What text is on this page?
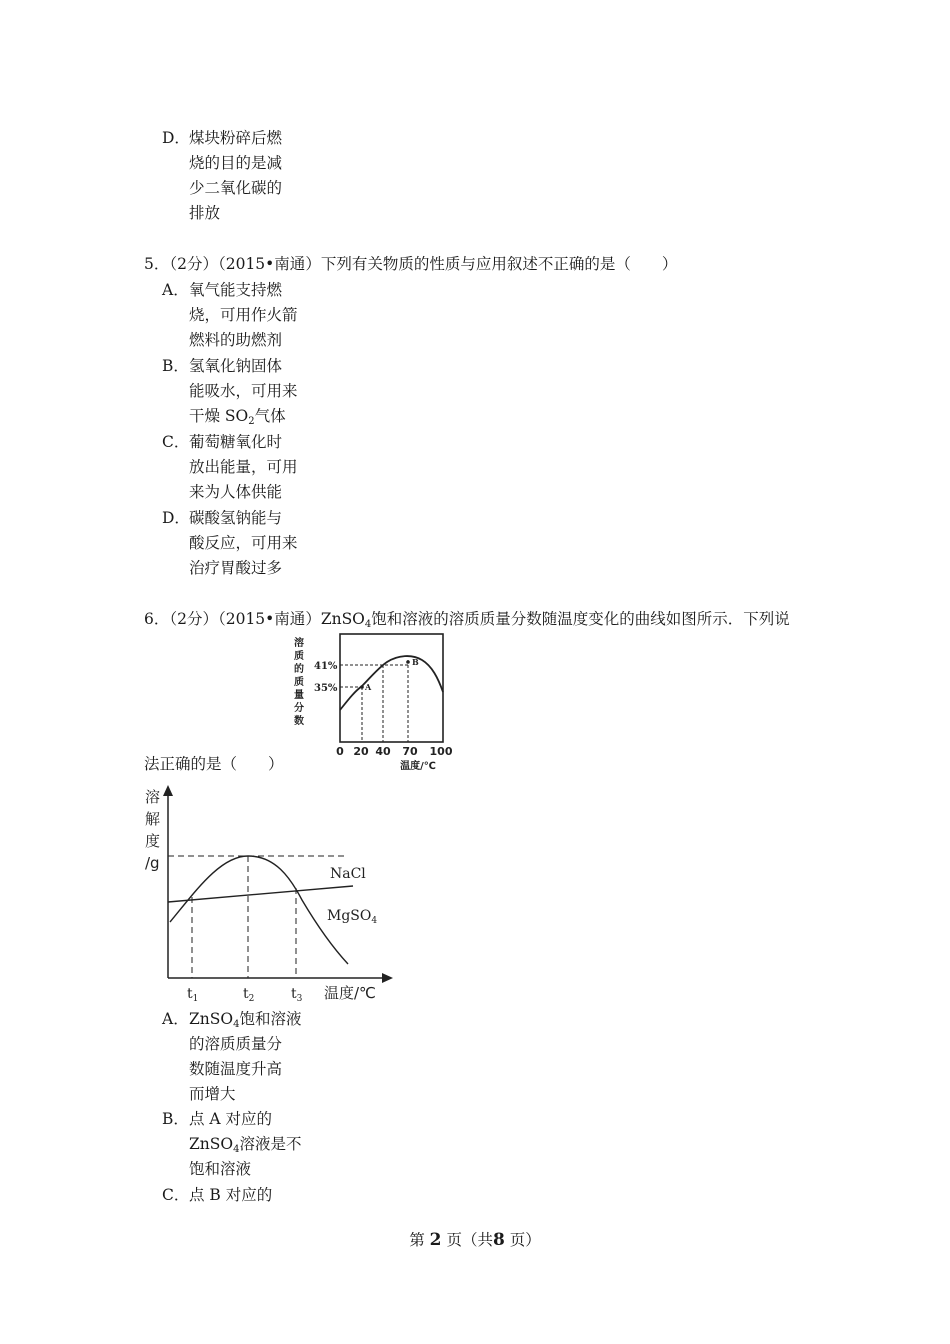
D． 煤块粉碎后燃
烧的目的是减
少二氧化碳的
排放
5．（2分）（2015•南通）下列有关物质的性质与应用叙述不正确的是（　　）
A． 氧气能支持燃
烧，可用作火箭
燃料的助燃剂
B． 氢氧化钠固体
能吸水，可用来
干燥 $SO_2$气体
C． 葡萄糖氧化时
放出能量，可用
来为人体供能
D． 碳酸氢钠能与
酸反应，可用来
治疗胃酸过多
6．（2分）（2015•南通）ZnSO$_4$饱和溶液的溶质质量分数随温度变化的曲线如图所示．下列说
法正确的是（　　）
溶
质
的
质
量
分
数
41%
35%	A
B
0 20 40 70 100
温度/℃
溶
解
度
/g
NaCl
MgSO$_4$
$t_1$	$t_2$	$t_3$ 温度/℃
A． ZnSO$_4$饱和溶液
的溶质质量分
数随温度升高
而增大
B． 点 A 对应的
ZnSO$_4$溶液是不
饱和溶液
C． 点 B 对应的
第 2 页（共8 页）
